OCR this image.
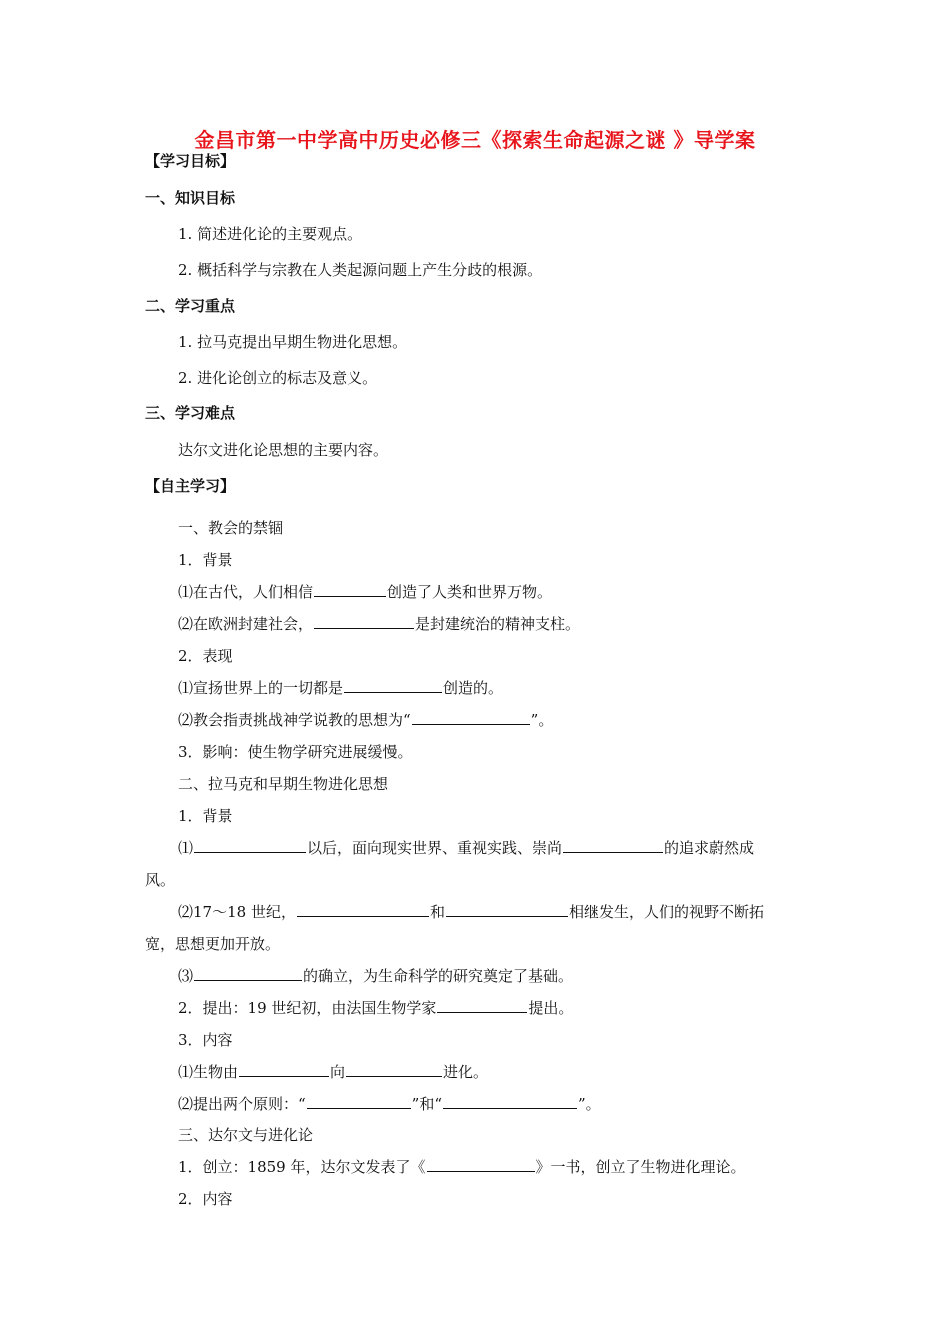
金昌市第一中学高中历史必修三《探索生命起源之谜 》导学案
【学习目标】
一、知识目标
1. 简述进化论的主要观点。
2. 概括科学与宗教在人类起源问题上产生分歧的根源。
二、学习重点
1. 拉马克提出早期生物进化思想。
2. 进化论创立的标志及意义。
三、学习难点
达尔文进化论思想的主要内容。
【自主学习】
一、教会的禁锢
1．背景
⑴在古代，人们相信	创造了人类和世界万物。
⑵在欧洲封建社会，	是封建统治的精神支柱。
2．表现
⑴宣扬世界上的一切都是	创造的。
⑵教会指责挑战神学说教的思想为“	”。
3．影响：使生物学研究进展缓慢。
二、拉马克和早期生物进化思想
1．背景
⑴	以后，面向现实世界、重视实践、崇尚	的追求蔚然成
风。
⑵17～18 世纪，	和	相继发生，人们的视野不断拓
宽，思想更加开放。
⑶	的确立，为生命科学的研究奠定了基础。
2．提出：19 世纪初，由法国生物学家	提出。
3．内容
⑴生物由	向	进化。
⑵提出两个原则：“	”和“	”。
三、达尔文与进化论
1．创立：1859 年，达尔文发表了《	》一书，创立了生物进化理论。
2．内容
